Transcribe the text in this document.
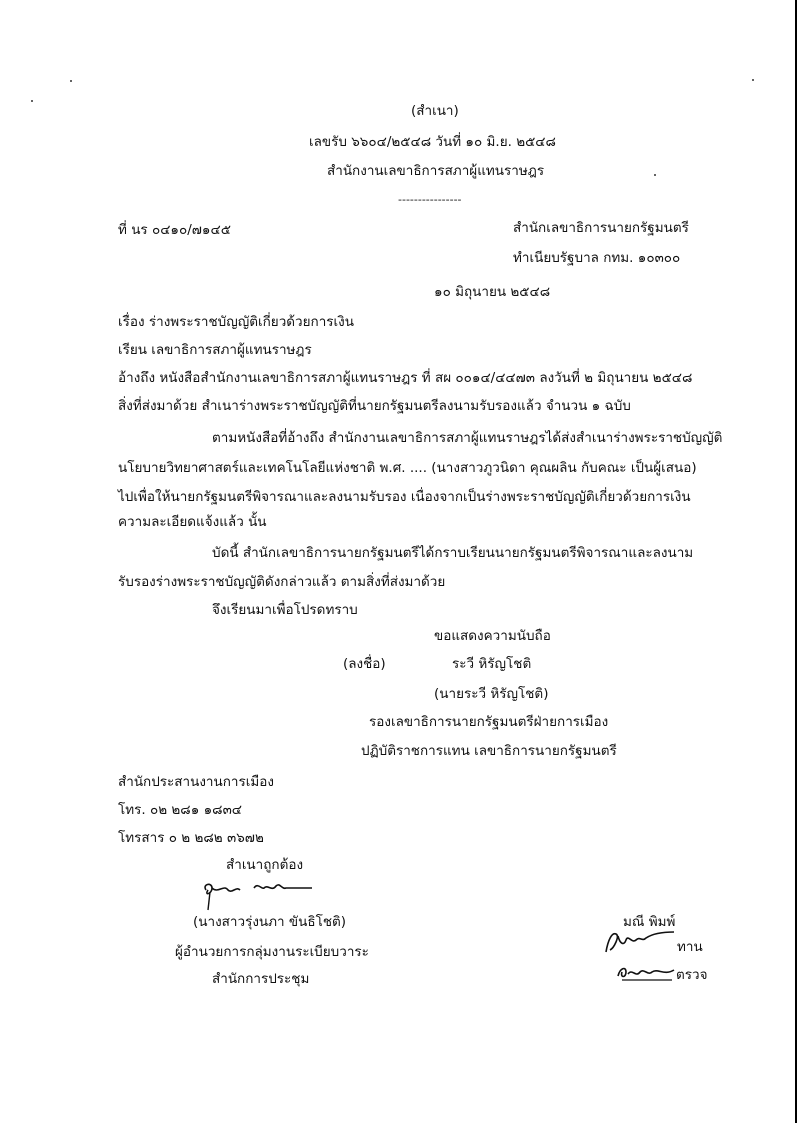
(สำเนา)
เลขรับ ๖๖๐๔/๒๕๔๘ วันที่ ๑๐ มิ.ย. ๒๕๔๘
สำนักงานเลขาธิการสภาผู้แทนราษฎร
----------------
ที่ นร ๐๔๑๐/๗๑๔๕	สำนักเลขาธิการนายกรัฐมนตรี
ทำเนียบรัฐบาล กทม. ๑๐๓๐๐
๑๐ มิถุนายน ๒๕๔๘
เรื่อง ร่างพระราชบัญญัติเกี่ยวด้วยการเงิน
เรียน เลขาธิการสภาผู้แทนราษฎร
อ้างถึง หนังสือสำนักงานเลขาธิการสภาผู้แทนราษฎร ที่ สผ ๐๐๑๔/๔๔๗๓ ลงวันที่ ๒ มิถุนายน ๒๕๔๘
สิ่งที่ส่งมาด้วย สำเนาร่างพระราชบัญญัติที่นายกรัฐมนตรีลงนามรับรองแล้ว จำนวน ๑ ฉบับ
ตามหนังสือที่อ้างถึง สำนักงานเลขาธิการสภาผู้แทนราษฎรได้ส่งสำเนาร่างพระราชบัญญัติ
นโยบายวิทยาศาสตร์และเทคโนโลยีแห่งชาติ พ.ศ. .... (นางสาวภูวนิดา คุณผลิน กับคณะ เป็นผู้เสนอ)
ไปเพื่อให้นายกรัฐมนตรีพิจารณาและลงนามรับรอง เนื่องจากเป็นร่างพระราชบัญญัติเกี่ยวด้วยการเงิน
ความละเอียดแจ้งแล้ว นั้น
บัดนี้ สำนักเลขาธิการนายกรัฐมนตรีได้กราบเรียนนายกรัฐมนตรีพิจารณาและลงนาม
รับรองร่างพระราชบัญญัติดังกล่าวแล้ว ตามสิ่งที่ส่งมาด้วย
จึงเรียนมาเพื่อโปรดทราบ
ขอแสดงความนับถือ
(ลงชื่อ)	ระวี หิรัญโชติ
(นายระวี หิรัญโชติ)
รองเลขาธิการนายกรัฐมนตรีฝ่ายการเมือง
ปฏิบัติราชการแทน เลขาธิการนายกรัฐมนตรี
สำนักประสานงานการเมือง
โทร. ๐๒ ๒๘๑ ๑๘๓๔
โทรสาร ๐ ๒ ๒๘๒ ๓๖๗๒
สำเนาถูกต้อง
(นางสาวรุ่งนภา ขันธิโชติ)
ผู้อำนวยการกลุ่มงานระเบียบวาระ
สำนักการประชุม
มณี พิมพ์
ทาน
ตรวจ
